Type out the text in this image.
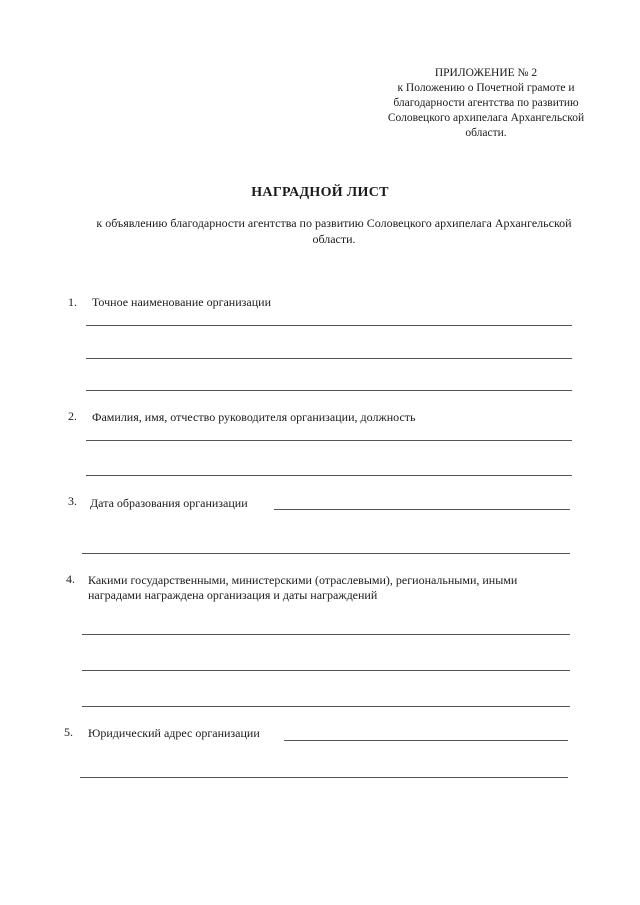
ПРИЛОЖЕНИЕ № 2
к Положению о Почетной грамоте и
благодарности агентства по развитию
Соловецкого архипелага Архангельской
области.
НАГРАДНОЙ ЛИСТ
к объявлению благодарности агентства по развитию Соловецкого архипелага Архангельской
области.
1. Точное наименование организации
2. Фамилия, имя, отчество руководителя организации, должность
3. Дата образования организации
4. Какими государственными, министерскими (отраслевыми), региональными, иными
наградами награждена организация и даты награждений
5. Юридический адрес организации
